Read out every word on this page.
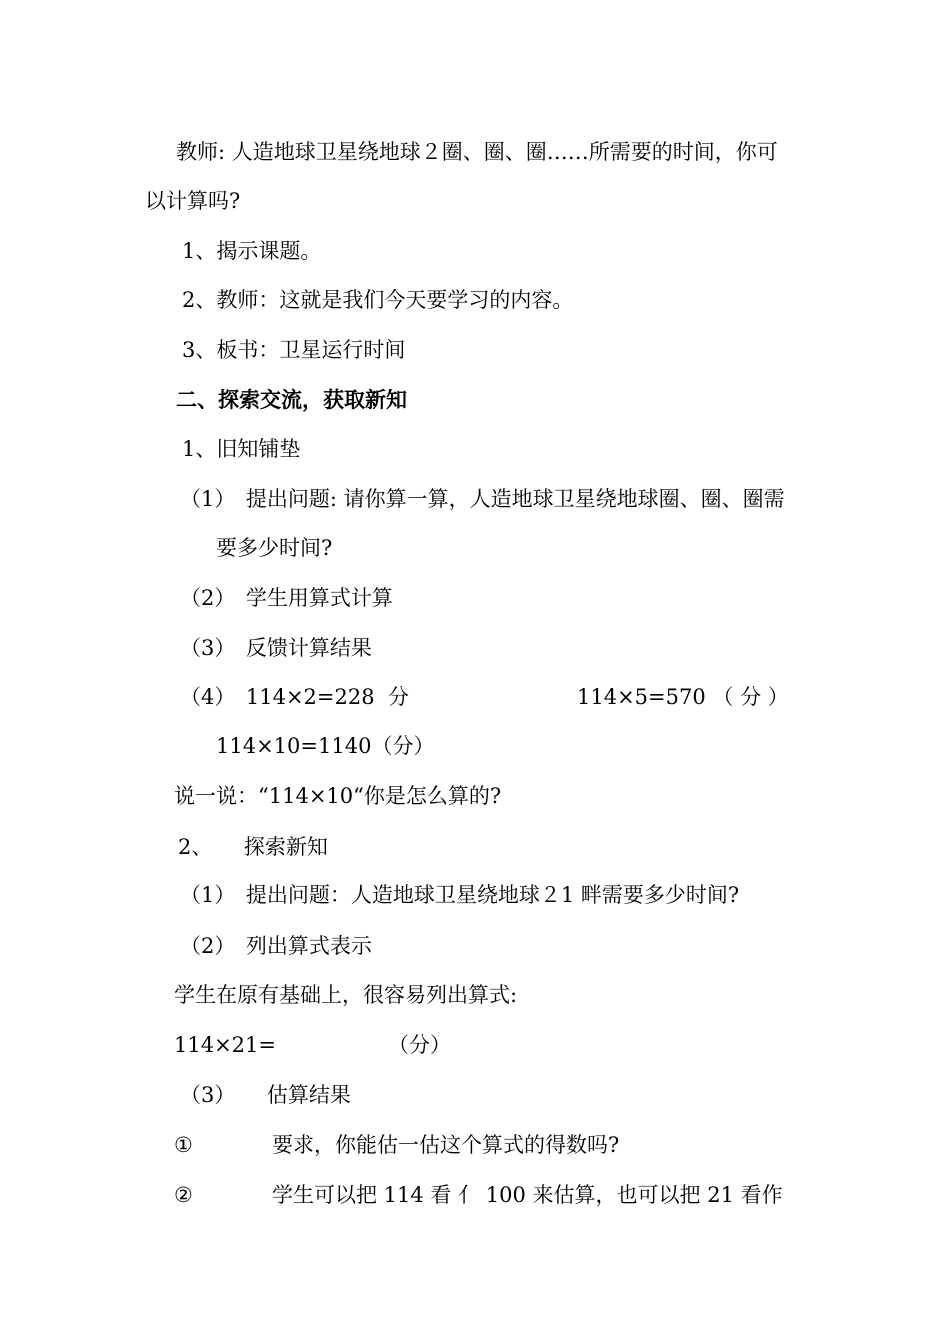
教师: 人造地球卫星绕地球２圈、圈、圈……所需要的时间，你可
以计算吗?
1、揭示课题。
2、教师：这就是我们今天要学习的内容。
3、板书：卫星运行时间
二、探索交流，获取新知
1、旧知铺垫
（1）　提出问题: 请你算一算，人造地球卫星绕地球圈、圈、圈需
要多少时间?
（2）　学生用算式计算
（3）　反馈计算结果
（4）　114×2=228  分	114×5=570 （ 分 ）
114×10=1140（分）
说一说：“114×10“你是怎么算的?
2、　　探索新知
（1）　提出问题：人造地球卫星绕地球２1 畔需要多少时间?
（2）　列出算式表示
学生在原有基础上，很容易列出算式:
114×21=	（分）
（3）　　估算结果
①	要求，你能估一估这个算式的得数吗?
②	学生可以把 114 看 亻 100 来估算，也可以把 21 看作
